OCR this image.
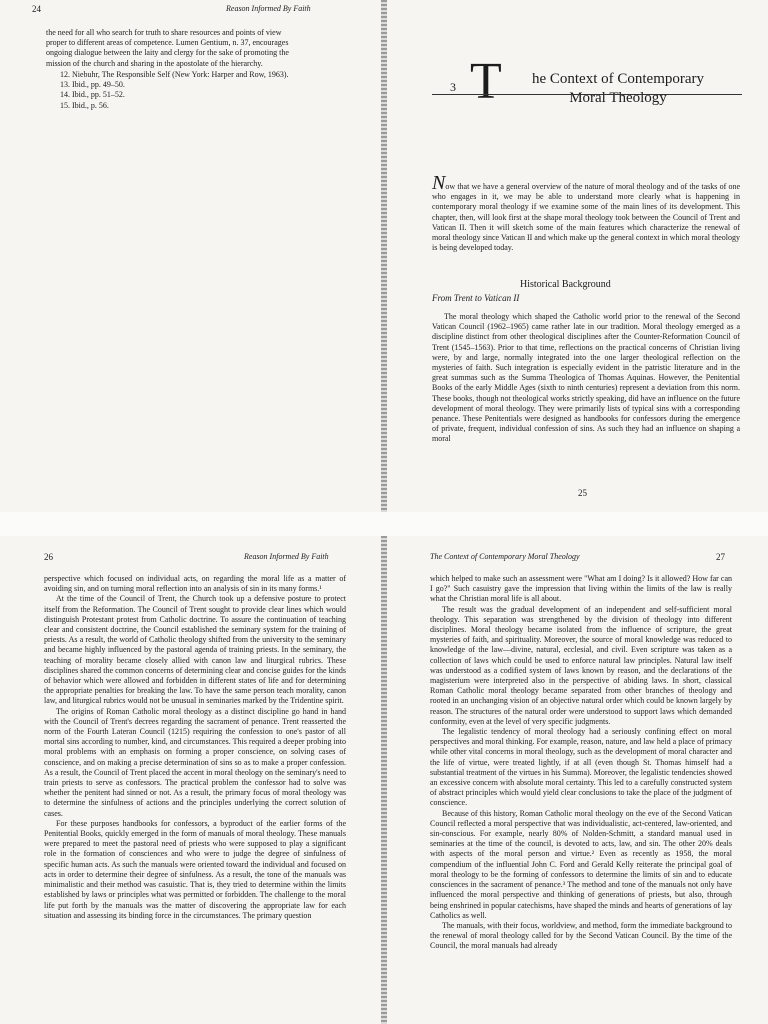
24	Reason Informed By Faith
the need for all who search for truth to share resources and points of view
proper to different areas of competence. Lumen Gentium, n. 37, encourages
ongoing dialogue between the laity and clergy for the sake of promoting the
mission of the church and sharing in the apostolate of the hierarchy.
12. Niebuhr, The Responsible Self (New York: Harper and Row, 1963).
13. Ibid., pp. 49–50.
14. Ibid., pp. 51–52.
15. Ibid., p. 56.
3 T	he Context of Contemporary
Moral Theology

Now that we have a general overview of the nature of moral theology and of the tasks of one who engages in it, we may be able to understand more clearly what is happening in contemporary moral theology if we examine some of the main lines of its development. This chapter, then, will look first at the shape moral theology took between the Council of Trent and Vatican II. Then it will sketch some of the main features which characterize the renewal of moral theology since Vatican II and which make up the general context in which moral theology is being developed today.

Historical Background
From Trent to Vatican II

The moral theology which shaped the Catholic world prior to the renewal of the Second Vatican Council (1962–1965) came rather late in our tradition. Moral theology emerged as a discipline distinct from other theological disciplines after the Counter-Reformation Council of Trent (1545–1563). Prior to that time, reflections on the practical concerns of Christian living were, by and large, normally integrated into the one larger theological reflection on the mysteries of faith. Such integration is especially evident in the patristic literature and in the great summas such as the Summa Theologica of Thomas Aquinas. However, the Penitential Books of the early Middle Ages (sixth to ninth centuries) represent a deviation from this norm. These books, though not theological works strictly speaking, did have an influence on the future development of moral theology. They were primarily lists of typical sins with a corresponding penance. These Penitentials were designed as handbooks for confessors during the emergence of private, frequent, individual confession of sins. As such they had an influence on shaping a moral

25
26	Reason Informed By Faith

perspective which focused on individual acts, on regarding the moral life as a matter of avoiding sin, and on turning moral reflection into an analysis of sin in its many forms.¹

At the time of the Council of Trent, the Church took up a defensive posture to protect itself from the Reformation. The Council of Trent sought to provide clear lines which would distinguish Protestant protest from Catholic doctrine. To assure the continuation of teaching clear and consistent doctrine, the Council established the seminary system for the training of priests. As a result, the world of Catholic theology shifted from the university to the seminary and became highly influenced by the pastoral agenda of training priests. In the seminary, the teaching of morality became closely allied with canon law and liturgical rubrics. These disciplines shared the common concerns of determining clear and concise guides for the kinds of behavior which were allowed and forbidden in different states of life and for determining the appropriate penalties for breaking the law. To have the same person teach morality, canon law, and liturgical rubrics would not be unusual in seminaries marked by the Tridentine spirit.

The origins of Roman Catholic moral theology as a distinct discipline go hand in hand with the Council of Trent's decrees regarding the sacrament of penance. Trent reasserted the norm of the Fourth Lateran Council (1215) requiring the confession to one's pastor of all mortal sins according to number, kind, and circumstances. This required a deeper probing into moral problems with an emphasis on forming a proper conscience, on solving cases of conscience, and on making a precise determination of sins so as to make a proper confession. As a result, the Council of Trent placed the accent in moral theology on the seminary's need to train priests to serve as confessors. The practical problem the confessor had to solve was whether the penitent had sinned or not. As a result, the primary focus of moral theology was to determine the sinfulness of actions and the principles underlying the correct solution of cases.

For these purposes handbooks for confessors, a byproduct of the earlier forms of the Penitential Books, quickly emerged in the form of manuals of moral theology. These manuals were prepared to meet the pastoral need of priests who were supposed to play a significant role in the formation of consciences and who were to judge the degree of sinfulness of specific human acts. As such the manuals were oriented toward the individual and focused on acts in order to determine their degree of sinfulness. As a result, the tone of the manuals was minimalistic and their method was casuistic. That is, they tried to determine within the limits established by laws or principles what was permitted or forbidden. The challenge to the moral life put forth by the manuals was the matter of discovering the appropriate law for each situation and assessing its binding force in the circumstances. The primary question

The Context of Contemporary Moral Theology	27

which helped to make such an assessment were "What am I doing? Is it allowed? How far can I go?" Such casuistry gave the impression that living within the limits of the law is really what the Christian moral life is all about.

The result was the gradual development of an independent and self-sufficient moral theology. This separation was strengthened by the division of theology into different disciplines. Moral theology became isolated from the influence of scripture, the great mysteries of faith, and spirituality. Moreover, the source of moral knowledge was reduced to knowledge of the law—divine, natural, ecclesial, and civil. Even scripture was taken as a collection of laws which could be used to enforce natural law principles. Natural law itself was understood as a codified system of laws known by reason, and the declarations of the magisterium were interpreted also in the perspective of abiding laws. In short, classical Roman Catholic moral theology became separated from other branches of theology and rooted in an unchanging vision of an objective natural order which could be known largely by reason. The structures of the natural order were understood to support laws which demanded conformity, even at the level of very specific judgments.

The legalistic tendency of moral theology had a seriously confining effect on moral perspectives and moral thinking. For example, reason, nature, and law held a place of primacy while other vital concerns in moral theology, such as the development of moral character and the life of virtue, were treated lightly, if at all (even though St. Thomas himself had a substantial treatment of the virtues in his Summa). Moreover, the legalistic tendencies showed an excessive concern with absolute moral certainty. This led to a carefully constructed system of abstract principles which would yield clear conclusions to take the place of the judgment of conscience.

Because of this history, Roman Catholic moral theology on the eve of the Second Vatican Council reflected a moral perspective that was individualistic, act-centered, law-oriented, and sin-conscious. For example, nearly 80% of Nolden-Schmitt, a standard manual used in seminaries at the time of the council, is devoted to acts, law, and sin. The other 20% deals with aspects of the moral person and virtue.² Even as recently as 1958, the moral compendium of the influential John C. Ford and Gerald Kelly reiterate the principal goal of moral theology to be the forming of confessors to determine the limits of sin and to educate consciences in the sacrament of penance.³ The method and tone of the manuals not only have influenced the moral perspective and thinking of generations of priests, but also, through being enshrined in popular catechisms, have shaped the minds and hearts of generations of lay Catholics as well.

The manuals, with their focus, worldview, and method, form the immediate background to the renewal of moral theology called for by the Second Vatican Council. By the time of the Council, the moral manuals had already
